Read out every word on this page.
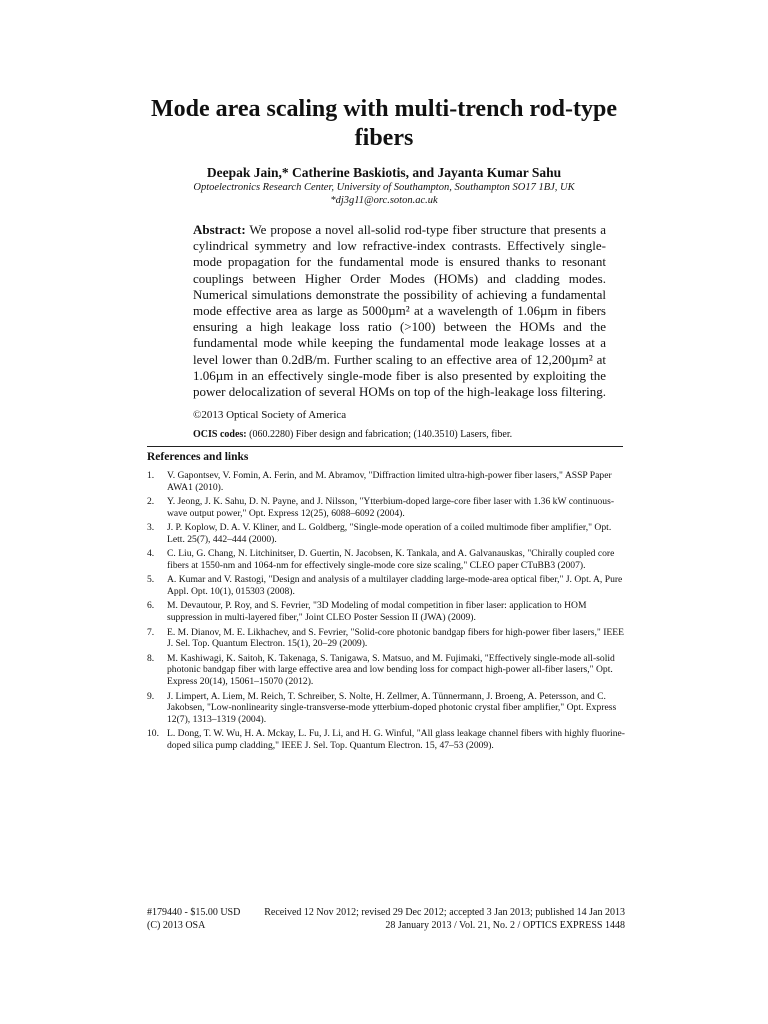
Mode area scaling with multi-trench rod-type fibers
Deepak Jain,* Catherine Baskiotis, and Jayanta Kumar Sahu
Optoelectronics Research Center, University of Southampton, Southampton SO17 1BJ, UK
*dj3g11@orc.soton.ac.uk
Abstract: We propose a novel all-solid rod-type fiber structure that presents a cylindrical symmetry and low refractive-index contrasts. Effectively single-mode propagation for the fundamental mode is ensured thanks to resonant couplings between Higher Order Modes (HOMs) and cladding modes. Numerical simulations demonstrate the possibility of achieving a fundamental mode effective area as large as 5000µm² at a wavelength of 1.06µm in fibers ensuring a high leakage loss ratio (>100) between the HOMs and the fundamental mode while keeping the fundamental mode leakage losses at a level lower than 0.2dB/m. Further scaling to an effective area of 12,200µm² at 1.06µm in an effectively single-mode fiber is also presented by exploiting the power delocalization of several HOMs on top of the high-leakage loss filtering.
©2013 Optical Society of America
OCIS codes: (060.2280) Fiber design and fabrication; (140.3510) Lasers, fiber.
References and links
1.	V. Gapontsev, V. Fomin, A. Ferin, and M. Abramov, "Diffraction limited ultra-high-power fiber lasers," ASSP Paper AWA1 (2010).
2.	Y. Jeong, J. K. Sahu, D. N. Payne, and J. Nilsson, "Ytterbium-doped large-core fiber laser with 1.36 kW continuous-wave output power," Opt. Express 12(25), 6088–6092 (2004).
3.	J. P. Koplow, D. A. V. Kliner, and L. Goldberg, "Single-mode operation of a coiled multimode fiber amplifier," Opt. Lett. 25(7), 442–444 (2000).
4.	C. Liu, G. Chang, N. Litchinitser, D. Guertin, N. Jacobsen, K. Tankala, and A. Galvanauskas, "Chirally coupled core fibers at 1550-nm and 1064-nm for effectively single-mode core size scaling," CLEO paper CTuBB3 (2007).
5.	A. Kumar and V. Rastogi, "Design and analysis of a multilayer cladding large-mode-area optical fiber," J. Opt. A, Pure Appl. Opt. 10(1), 015303 (2008).
6.	M. Devautour, P. Roy, and S. Fevrier, "3D Modeling of modal competition in fiber laser: application to HOM suppression in multi-layered fiber," Joint CLEO Poster Session II (JWA) (2009).
7.	E. M. Dianov, M. E. Likhachev, and S. Fevrier, "Solid-core photonic bandgap fibers for high-power fiber lasers," IEEE J. Sel. Top. Quantum Electron. 15(1), 20–29 (2009).
8.	M. Kashiwagi, K. Saitoh, K. Takenaga, S. Tanigawa, S. Matsuo, and M. Fujimaki, "Effectively single-mode all-solid photonic bandgap fiber with large effective area and low bending loss for compact high-power all-fiber lasers," Opt. Express 20(14), 15061–15070 (2012).
9.	J. Limpert, A. Liem, M. Reich, T. Schreiber, S. Nolte, H. Zellmer, A. Tünnermann, J. Broeng, A. Petersson, and C. Jakobsen, "Low-nonlinearity single-transverse-mode ytterbium-doped photonic crystal fiber amplifier," Opt. Express 12(7), 1313–1319 (2004).
10. L. Dong, T. W. Wu, H. A. Mckay, L. Fu, J. Li, and H. G. Winful, "All glass leakage channel fibers with highly fluorine-doped silica pump cladding," IEEE J. Sel. Top. Quantum Electron. 15, 47–53 (2009).
#179440 - $15.00 USD Received 12 Nov 2012; revised 29 Dec 2012; accepted 3 Jan 2013; published 14 Jan 2013
(C) 2013 OSA	28 January 2013 / Vol. 21, No. 2 / OPTICS EXPRESS 1448
